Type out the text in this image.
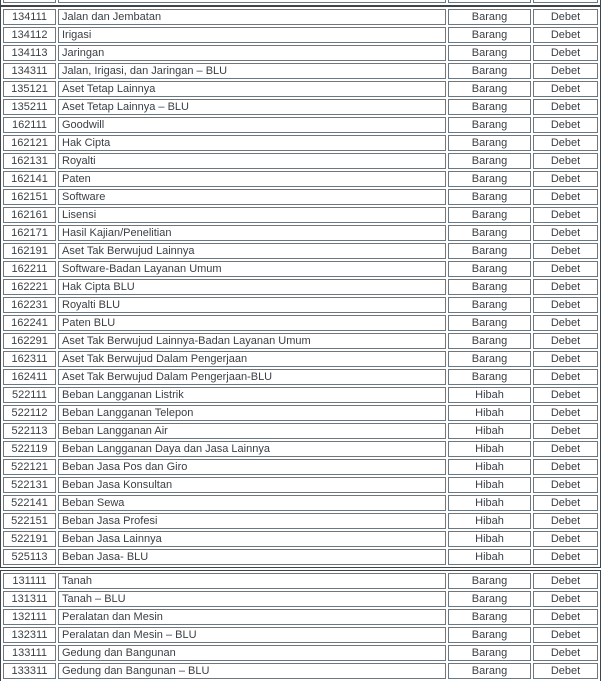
134111	Jalan dan Jembatan	Barang	Debet
134112	Irigasi	Barang	Debet
134113	Jaringan	Barang	Debet
134311	Jalan, Irigasi, dan Jaringan – BLU	Barang	Debet
135121	Aset Tetap Lainnya	Barang	Debet
135211	Aset Tetap Lainnya – BLU	Barang	Debet
162111	Goodwill	Barang	Debet
162121	Hak Cipta	Barang	Debet
162131	Royalti	Barang	Debet
162141	Paten	Barang	Debet
162151	Software	Barang	Debet
162161	Lisensi	Barang	Debet
162171	Hasil Kajian/Penelitian	Barang	Debet
162191	Aset Tak Berwujud Lainnya	Barang	Debet
162211	Software-Badan Layanan Umum	Barang	Debet
162221	Hak Cipta BLU	Barang	Debet
162231	Royalti BLU	Barang	Debet
162241	Paten BLU	Barang	Debet
162291	Aset Tak Berwujud Lainnya-Badan Layanan Umum	Barang	Debet
162311	Aset Tak Berwujud Dalam Pengerjaan	Barang	Debet
162411	Aset Tak Berwujud Dalam Pengerjaan-BLU	Barang	Debet
522111	Beban Langganan Listrik	Hibah	Debet
522112	Beban Langganan Telepon	Hibah	Debet
522113	Beban Langganan Air	Hibah	Debet
522119	Beban Langganan Daya dan Jasa Lainnya	Hibah	Debet
522121	Beban Jasa Pos dan Giro	Hibah	Debet
522131	Beban Jasa Konsultan	Hibah	Debet
522141	Beban Sewa	Hibah	Debet
522151	Beban Jasa Profesi	Hibah	Debet
522191	Beban Jasa Lainnya	Hibah	Debet
525113	Beban Jasa- BLU	Hibah	Debet
131111	Tanah	Barang	Debet
131311	Tanah – BLU	Barang	Debet
132111	Peralatan dan Mesin	Barang	Debet
132311	Peralatan dan Mesin – BLU	Barang	Debet
133111	Gedung dan Bangunan	Barang	Debet
133311	Gedung dan Bangunan – BLU	Barang	Debet
